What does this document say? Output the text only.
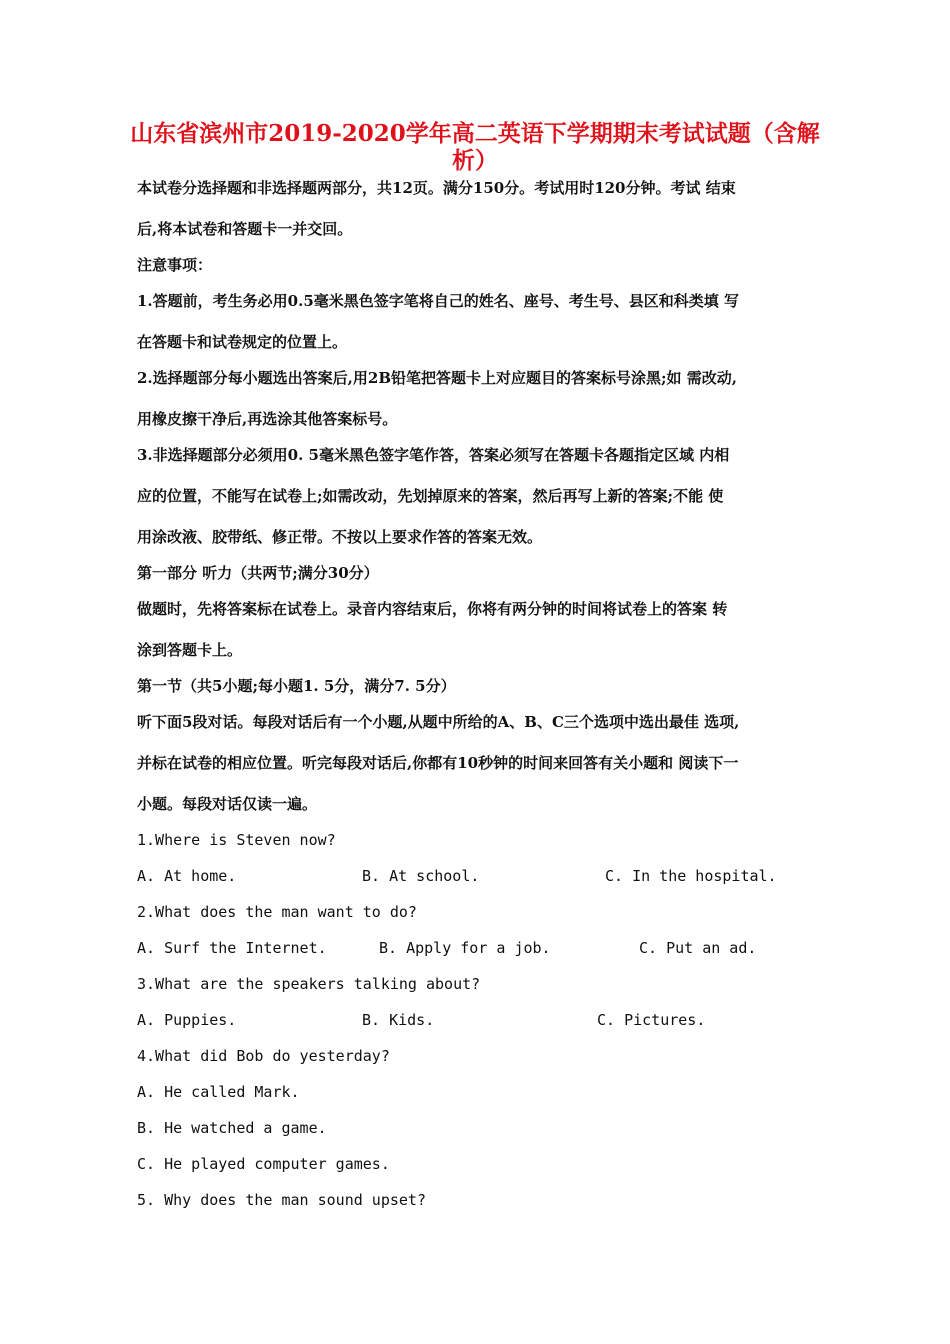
山东省滨州市2019-2020学年高二英语下学期期末考试试题（含解析）
本试卷分选择题和非选择题两部分，共12页。满分150分。考试用时120分钟。考试 结束
后,将本试卷和答题卡一并交回。
注意事项：
1.答题前，考生务必用0.5毫米黑色签字笔将自己的姓名、座号、考生号、县区和科类填 写
在答题卡和试卷规定的位置上。
2.选择题部分每小题选出答案后,用2B铅笔把答题卡上对应题目的答案标号涂黑;如 需改动,
用橡皮擦干净后,再选涂其他答案标号。
3.非选择题部分必须用0. 5毫米黑色签字笔作答，答案必须写在答题卡各题指定区域 内相
应的位置，不能写在试卷上;如需改动，先划掉原来的答案，然后再写上新的答案;不能 使
用涂改液、胶带纸、修正带。不按以上要求作答的答案无效。
第一部分 听力（共两节;满分30分）
做题时，先将答案标在试卷上。录音内容结束后，你将有两分钟的时间将试卷上的答案 转
涂到答题卡上。
第一节（共5小题;每小题1. 5分，满分7. 5分）
听下面5段对话。每段对话后有一个小题,从题中所给的A、B、C三个选项中选出最佳 选项,
并标在试卷的相应位置。听完每段对话后,你都有10秒钟的时间来回答有关小题和 阅读下一
小题。每段对话仅读一遍。
1.Where is Steven now?
A. At home.	B. At school.	C. In the hospital.
2.What does the man want to do?
A. Surf the Internet.	B. Apply for a job.	C. Put an ad.
3.What are the speakers talking about?
A. Puppies.	B. Kids.	C. Pictures.
4.What did Bob do yesterday?
A. He called Mark.
B. He watched a game.
C. He played computer games.
5. Why does the man sound upset?
